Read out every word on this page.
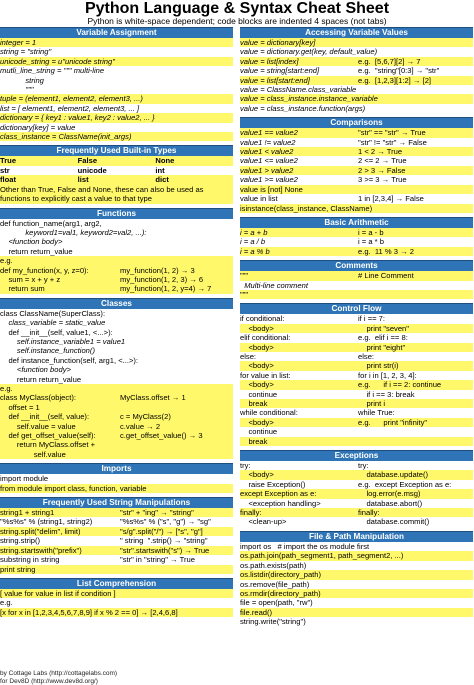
Python Language & Syntax Cheat Sheet
Python is white-space dependent; code blocks are indented 4 spaces (not tabs)
Variable Assignment
integer = 1
string = "string"
unicode_string = u"unicode string"
mutli_line_string = """ multi-line
string
"""
tuple = (element1, element2, element3, ...)
list = [ element1, element2, element3, ... ]
dictionary = { key1 : value1, key2 : value2, ... }
dictionary[key] = value
class_instance = ClassName(init_args)
Frequently Used Built-in Types
True	False	None
str	unicode	int
float	list	dict
Other than True, False and None, these can also be used as functions to explicitly cast a value to that type
Functions
def function_name(arg1, arg2,
keyword1=val1, keyword2=val2, ...):
<function body>
return return_value
e.g.
def my_function(x, y, z=0):	my_function(1, 2) → 3
sum = x + y + z	my_function(1, 2, 3) → 6
return sum	my_function(1, 2, y=4) → 7
Classes
class ClassName(SuperClass):
class_variable = static_value
def __init__(self, value1, <...>):
self.instance_variable1 = value1
self.instance_function()
def instance_function(self, arg1, <...>):
<function body>
return return_value
e.g.
class MyClass(object):	MyClass.offset → 1
offset = 1
def __init__(self, value):	c = MyClass(2)
self.value = value	c.value → 2
def get_offset_value(self):	c.get_offset_value() → 3
return MyClass.offset +
self.value
Imports
import module
from module import class, function, variable
Frequently Used String Manipulations
string1 + string1	"str" + "ing" → "string"
"%s%s" % (string1, string2)	"%s%s" % ("s", "g") → "sg"
string.split("delim", limit)	"s/g".split("/") → ["s", "g"]
string.strip()	" string  ".strip() → "string"
string.startswith("prefix")	"str".startswith("s") → True
substring in string	"str" in "string" → True
print string
List Comprehension
[ value for value in list if condition ]
e.g.
[x for x in [1,2,3,4,5,6,7,8,9] if x % 2 == 0] → [2,4,6,8]
Accessing Variable Values
value = dictionary[key]
value = dictionary.get(key, default_value)
value = list[index]	e.g.  [5,6,7][2] → 7
value = string[start:end]	e.g.  "string"[0:3] → "str"
value = list[start:end]	e.g.  [1,2,3][1:2] → [2]
value = ClassName.class_variable
value = class_instance.instance_variable
value = class_instance.function(args)
Comparisons
value1 == value2	"str" == "str" → True
value1 != value2	"str" != "str" → False
value1 < value2	1 < 2 → True
value1 <= value2	2 <= 2 → True
value1 > value2	2 > 3 → False
value1 >= value2	3 >= 3 → True
value is [not] None
value in list	1 in [2,3,4] → False
isinstance(class_instance, ClassName)
Basic Arithmetic
i = a + b	i = a - b
i = a / b	i = a * b
i = a % b	e.g.  11 % 3 → 2
Comments
"""	# Line Comment
Multi-line comment
"""
Control Flow
if conditional:	if i == 7:
<body>	print "seven"
elif conditional:	e.g.  elif i == 8:
<body>	print "eight"
else:	else:
<body>	print str(i)
for value in list:	for i in [1, 2, 3, 4]:
<body>	e.g.      if i == 2: continue
continue	if i == 3: break
break	print i
while conditional:	while True:
<body>	e.g.      print "infinity"
continue
break
Exceptions
try:	try:
<body>	database.update()
raise Exception()	e.g.  except Exception as e:
except Exception as e:	log.error(e.msg)
<exception handling>	database.abort()
finally:	finally:
<clean-up>	database.commit()
File & Path Manipulation
import os   # import the os module first
os.path.join(path_segment1, path_segment2, ...)
os.path.exists(path)
os.listdir(directory_path)
os.remove(file_path)
os.rmdir(directory_path)
file = open(path, "rw")
file.read()
string.write("string")
by Cottage Labs (http://cottagelabs.com)
for Dev8D (http://www.dev8d.org/)
